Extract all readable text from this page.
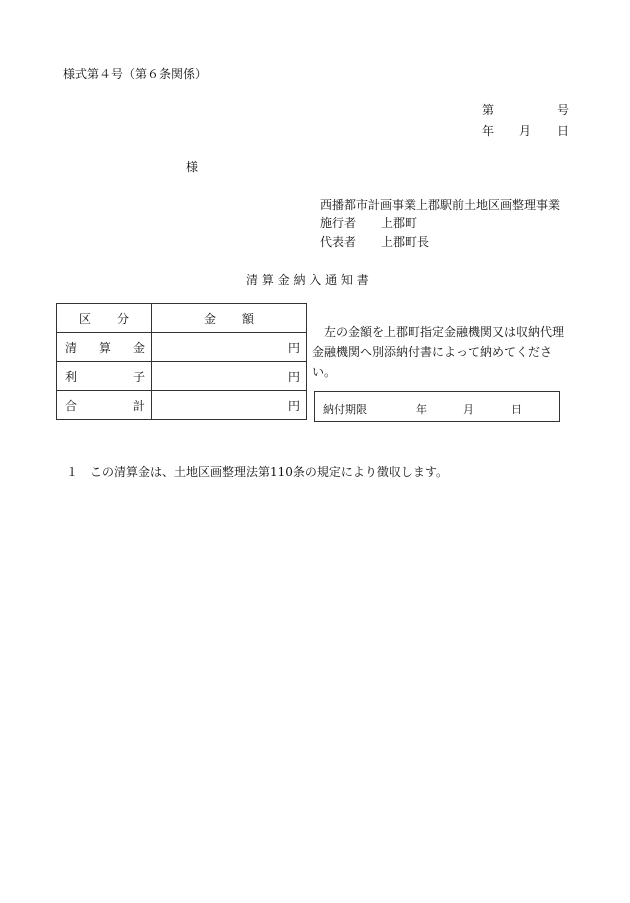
様式第４号（第６条関係）
第	号
年 月 日
様
西播都市計画事業上郡駅前土地区画整理事業
施行者 上郡町
代表者 上郡町長
清 算 金 納 入 通 知 書
区 分	金 額

清 算 金	円

利 子	円

合 計	円
左の金額を上郡町指定金融機関又は収納代理金融機関へ別添納付書によって納めてください。
納付期限	年	月	日
１　この清算金は、土地区画整理法第110条の規定により徴収します。
